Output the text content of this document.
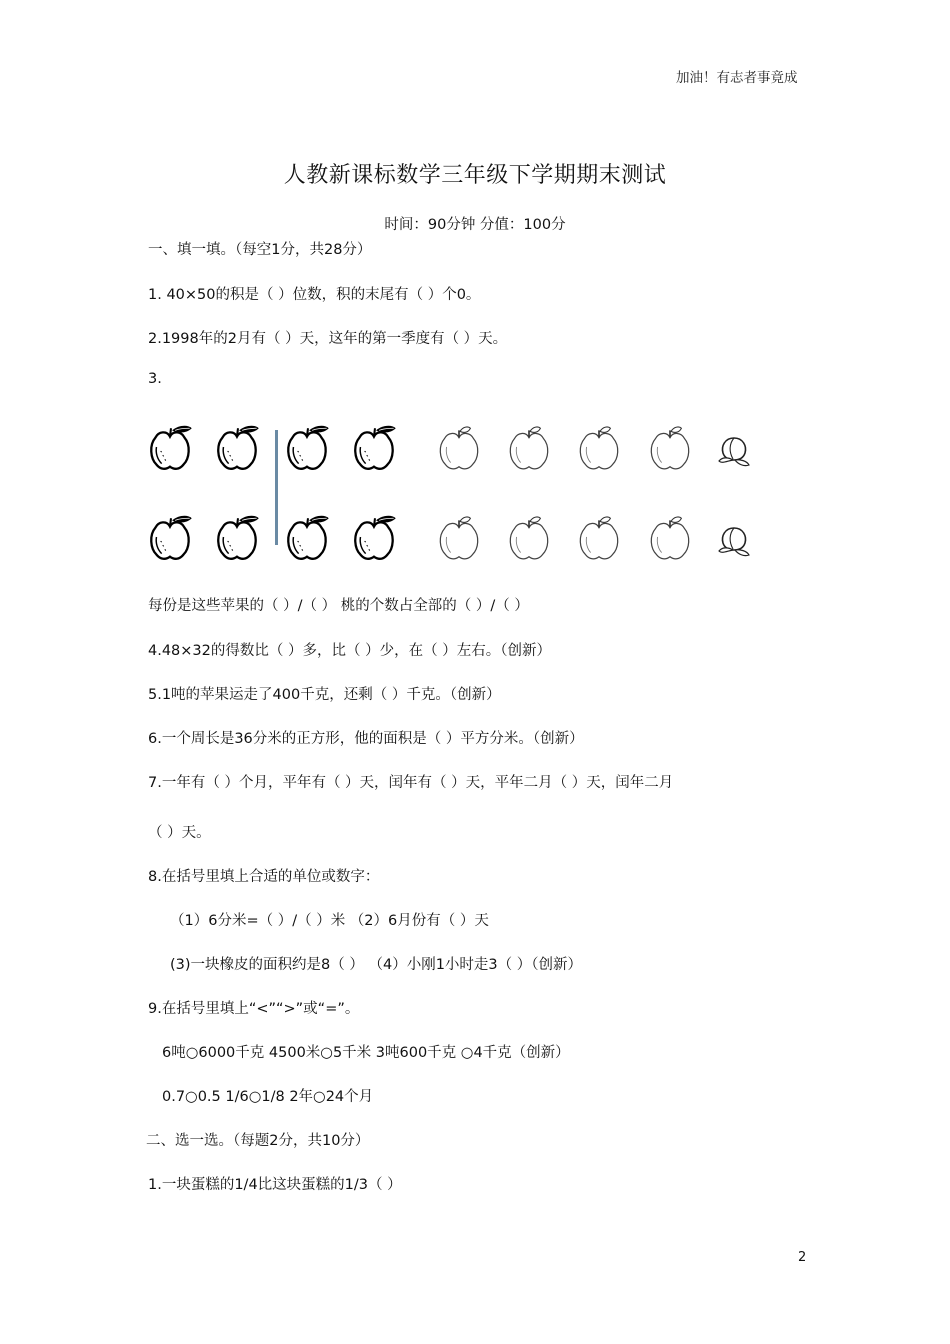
加油！有志者事竟成
人教新课标数学三年级下学期期末测试
时间：90分钟 分值：100分
一、填一填。（每空1分，共28分）
1. 40×50的积是（ ）位数，积的末尾有（ ）个0。
2.1998年的2月有（ ）天，这年的第一季度有（ ）天。
3.
每份是这些苹果的（ ）/（ ） 桃的个数占全部的（ ）/（ ）
4.48×32的得数比（ ）多，比（ ）少，在（ ）左右。（创新）
5.1吨的苹果运走了400千克，还剩（ ）千克。（创新）
6.一个周长是36分米的正方形，他的面积是（ ）平方分米。（创新）
7.一年有（ ）个月，平年有（ ）天，闰年有（ ）天，平年二月（ ）天，闰年二月
（ ）天。
8.在括号里填上合适的单位或数字：
（1）6分米=（ ）/（ ）米 （2）6月份有（ ）天
(3)一块橡皮的面积约是8（ ） （4）小刚1小时走3（ ）（创新）
9.在括号里填上“<”“>”或“=”。
6吨○6000千克 4500米○5千米 3吨600千克 ○4千克（创新）
0.7○0.5 1/6○1/8 2年○24个月
二、选一选。（每题2分，共10分）
1.一块蛋糕的1/4比这块蛋糕的1/3（ ）
2
